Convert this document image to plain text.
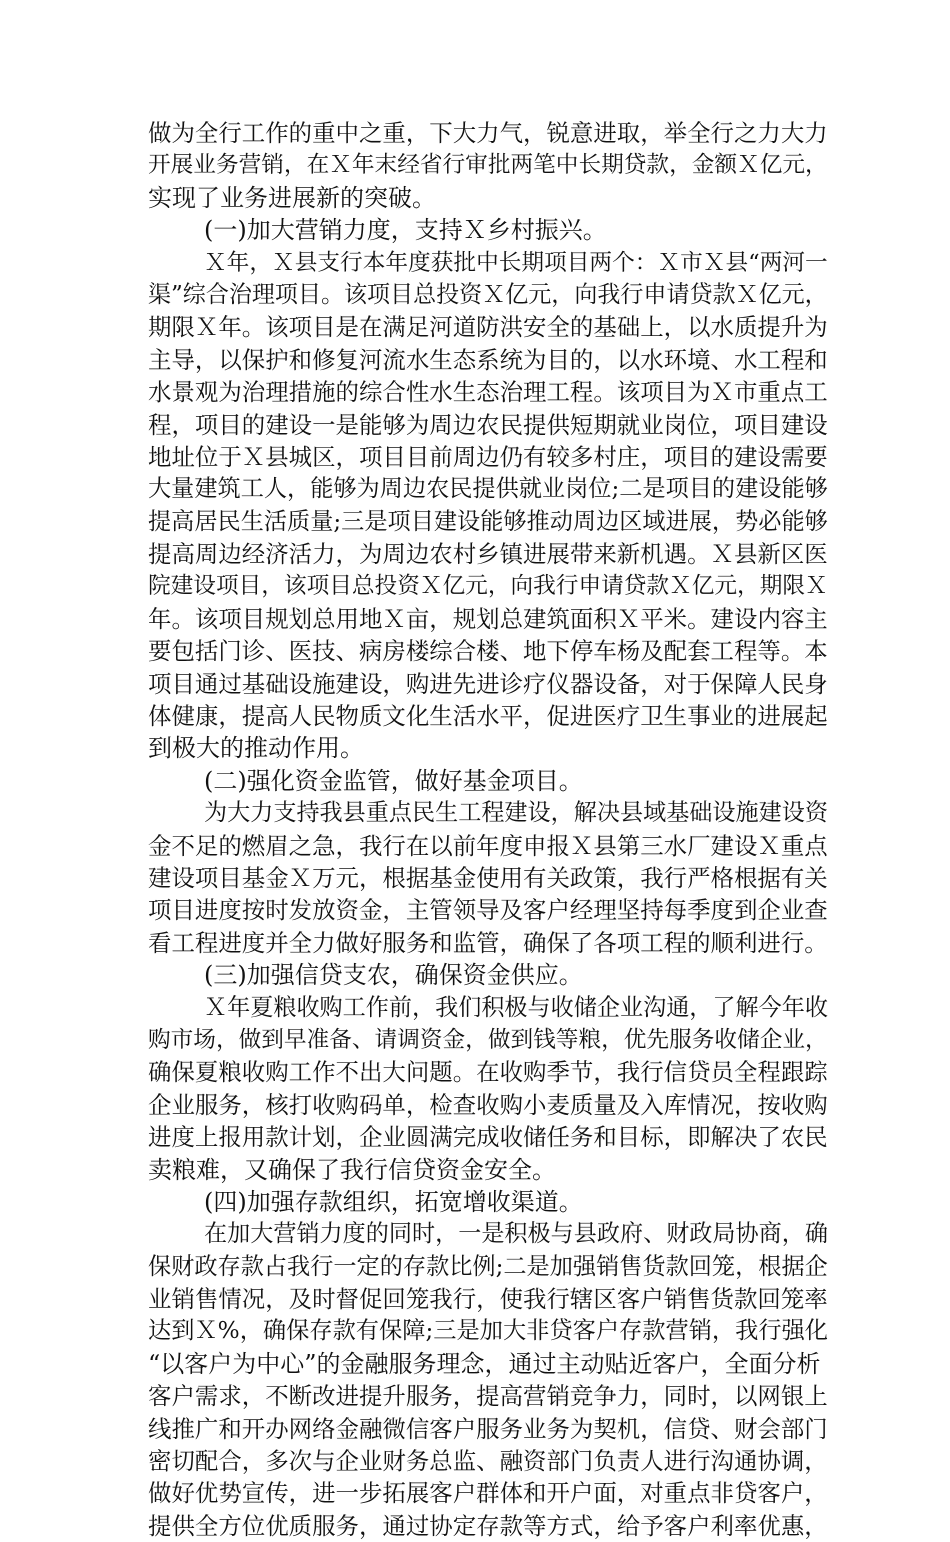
做为全行工作的重中之重，下大力气，锐意进取，举全行之力大力
开展业务营销，在Ｘ年末经省行审批两笔中长期贷款，金额Ｘ亿元，
实现了业务进展新的突破。
(一)加大营销力度，支持Ｘ乡村振兴。
Ｘ年，Ｘ县支行本年度获批中长期项目两个：Ｘ市Ｘ县“两河一
渠”综合治理项目。该项目总投资Ｘ亿元，向我行申请贷款Ｘ亿元，
期限Ｘ年。该项目是在满足河道防洪安全的基础上，以水质提升为
主导，以保护和修复河流水生态系统为目的，以水环境、水工程和
水景观为治理措施的综合性水生态治理工程。该项目为Ｘ市重点工
程，项目的建设一是能够为周边农民提供短期就业岗位，项目建设
地址位于Ｘ县城区，项目目前周边仍有较多村庄，项目的建设需要
大量建筑工人，能够为周边农民提供就业岗位;二是项目的建设能够
提高居民生活质量;三是项目建设能够推动周边区域进展，势必能够
提高周边经济活力，为周边农村乡镇进展带来新机遇。Ｘ县新区医
院建设项目，该项目总投资Ｘ亿元，向我行申请贷款Ｘ亿元，期限Ｘ
年。该项目规划总用地Ｘ亩，规划总建筑面积Ｘ平米。建设内容主
要包括门诊、医技、病房楼综合楼、地下停车杨及配套工程等。本
项目通过基础设施建设，购进先进诊疗仪器设备，对于保障人民身
体健康，提高人民物质文化生活水平，促进医疗卫生事业的进展起
到极大的推动作用。
(二)强化资金监管，做好基金项目。
为大力支持我县重点民生工程建设，解决县域基础设施建设资
金不足的燃眉之急，我行在以前年度申报Ｘ县第三水厂建设Ｘ重点
建设项目基金Ｘ万元，根据基金使用有关政策，我行严格根据有关
项目进度按时发放资金，主管领导及客户经理坚持每季度到企业查
看工程进度并全力做好服务和监管，确保了各项工程的顺利进行。
(三)加强信贷支农，确保资金供应。
Ｘ年夏粮收购工作前，我们积极与收储企业沟通，了解今年收
购市场，做到早准备、请调资金，做到钱等粮，优先服务收储企业，
确保夏粮收购工作不出大问题。在收购季节，我行信贷员全程跟踪
企业服务，核打收购码单，检查收购小麦质量及入库情况，按收购
进度上报用款计划，企业圆满完成收储任务和目标，即解决了农民
卖粮难，又确保了我行信贷资金安全。
(四)加强存款组织，拓宽增收渠道。
在加大营销力度的同时，一是积极与县政府、财政局协商，确
保财政存款占我行一定的存款比例;二是加强销售货款回笼，根据企
业销售情况，及时督促回笼我行，使我行辖区客户销售货款回笼率
达到Ｘ%，确保存款有保障;三是加大非贷客户存款营销，我行强化
“以客户为中心”的金融服务理念，通过主动贴近客户，全面分析
客户需求，不断改进提升服务，提高营销竞争力，同时，以网银上
线推广和开办网络金融微信客户服务业务为契机，信贷、财会部门
密切配合，多次与企业财务总监、融资部门负责人进行沟通协调，
做好优势宣传，进一步拓展客户群体和开户面，对重点非贷客户，
提供全方位优质服务，通过协定存款等方式，给予客户利率优惠，
